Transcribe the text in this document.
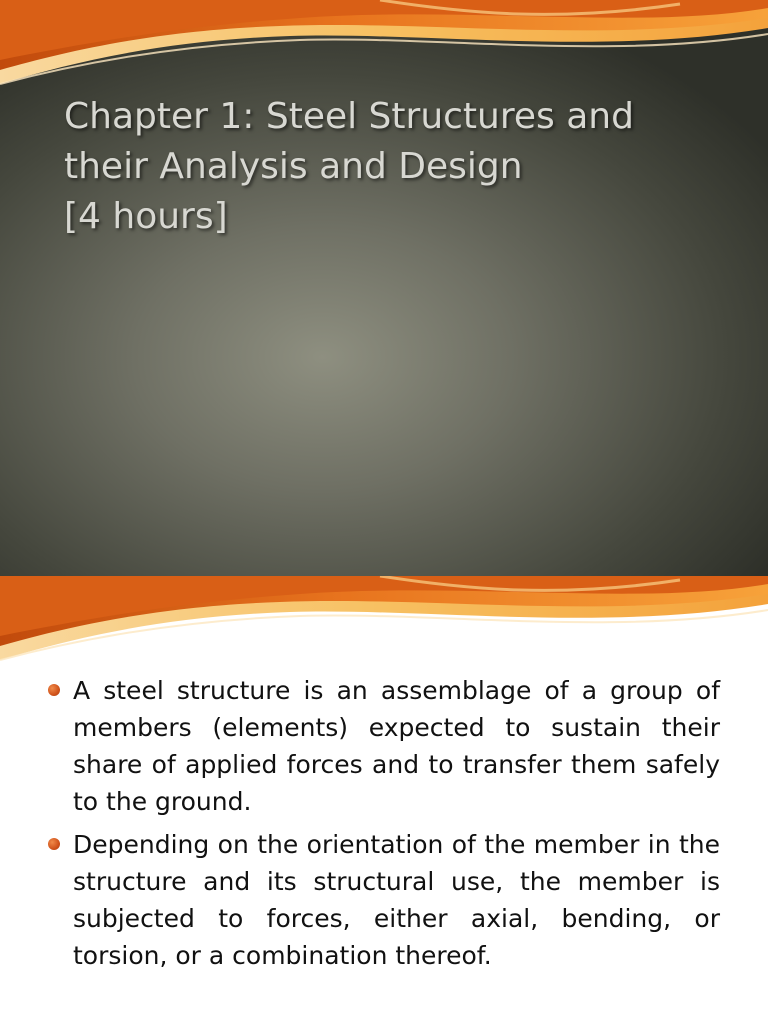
Chapter 1: Steel Structures and
their Analysis and Design
[4 hours]
A steel structure is an assemblage of a group of members (elements) expected to sustain their share of applied forces and to transfer them safely to the ground.
Depending on the orientation of the member in the structure and its structural use, the member is subjected to forces, either axial, bending, or torsion, or a combination thereof.
